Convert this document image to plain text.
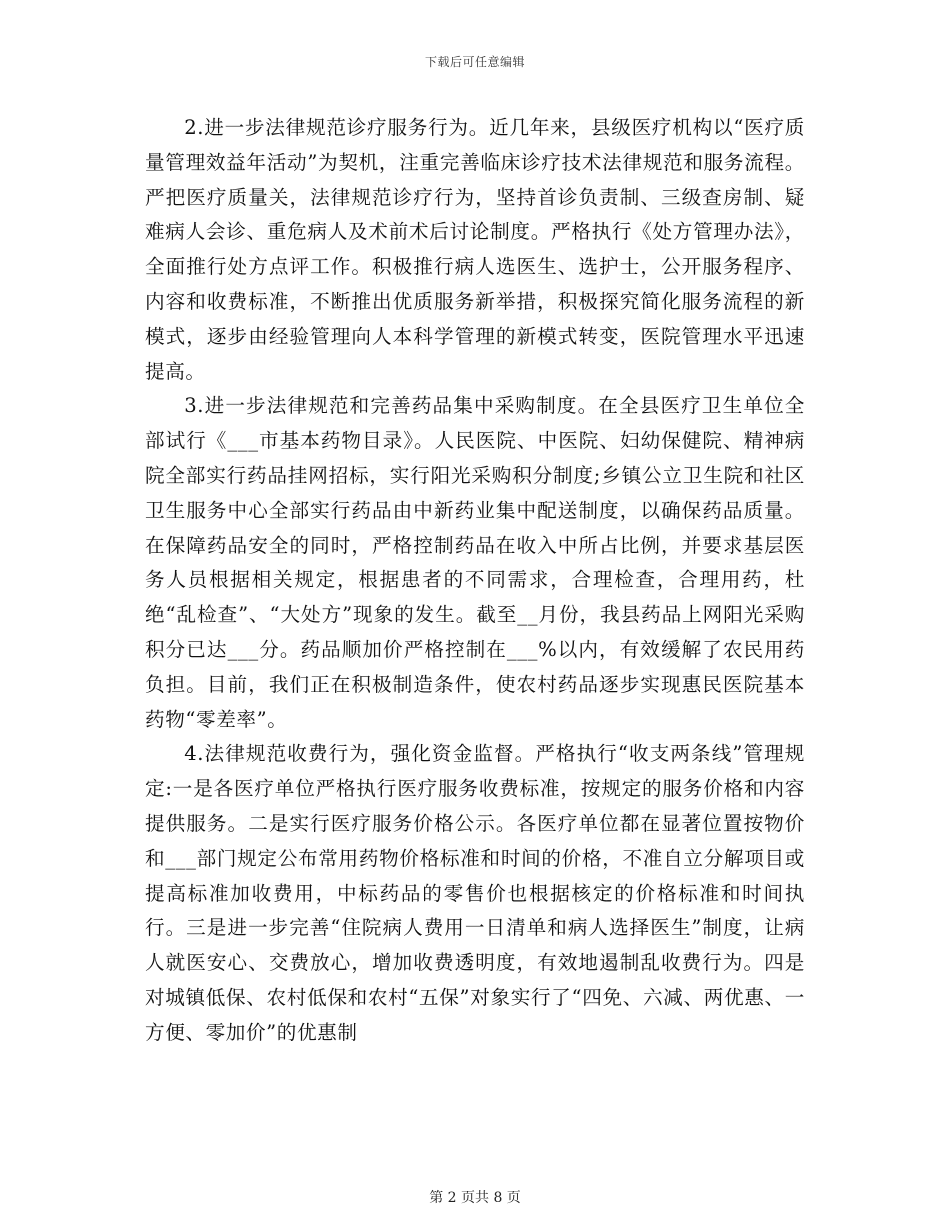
下载后可任意编辑

2.进一步法律规范诊疗服务行为。近几年来，县级医疗机构以“医疗质量管理效益年活动”为契机，注重完善临床诊疗技术法律规范和服务流程。严把医疗质量关，法律规范诊疗行为，坚持首诊负责制、三级查房制、疑难病人会诊、重危病人及术前术后讨论制度。严格执行《处方管理办法》，全面推行处方点评工作。积极推行病人选医生、选护士，公开服务程序、内容和收费标准，不断推出优质服务新举措，积极探究简化服务流程的新模式，逐步由经验管理向人本科学管理的新模式转变，医院管理水平迅速提高。

3.进一步法律规范和完善药品集中采购制度。在全县医疗卫生单位全部试行《___市基本药物目录》。人民医院、中医院、妇幼保健院、精神病院全部实行药品挂网招标，实行阳光采购积分制度;乡镇公立卫生院和社区卫生服务中心全部实行药品由中新药业集中配送制度，以确保药品质量。在保障药品安全的同时，严格控制药品在收入中所占比例，并要求基层医务人员根据相关规定，根据患者的不同需求，合理检查，合理用药，杜绝“乱检查”、“大处方”现象的发生。截至__月份，我县药品上网阳光采购积分已达___分。药品顺加价严格控制在___%以内，有效缓解了农民用药负担。目前，我们正在积极制造条件，使农村药品逐步实现惠民医院基本药物“零差率”。

4.法律规范收费行为，强化资金监督。严格执行“收支两条线”管理规定:一是各医疗单位严格执行医疗服务收费标准，按规定的服务价格和内容提供服务。二是实行医疗服务价格公示。各医疗单位都在显著位置按物价和___部门规定公布常用药物价格标准和时间的价格，不准自立分解项目或提高标准加收费用，中标药品的零售价也根据核定的价格标准和时间执行。三是进一步完善“住院病人费用一日清单和病人选择医生”制度，让病人就医安心、交费放心，增加收费透明度，有效地遏制乱收费行为。四是对城镇低保、农村低保和农村“五保”对象实行了“四免、六减、两优惠、一方便、零加价”的优惠制

第 2 页共 8 页
